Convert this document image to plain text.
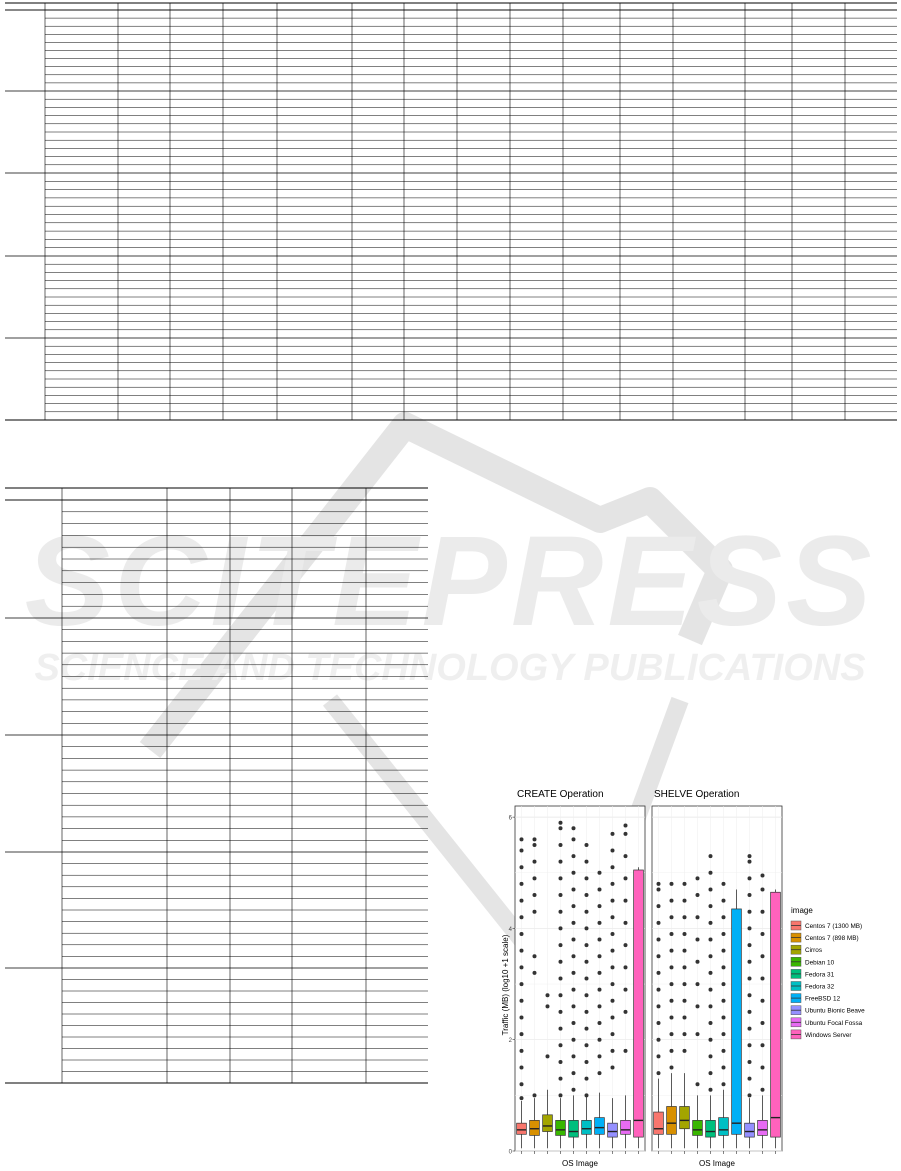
SCITEPRESS
SCIENCE AND TECHNOLOGY PUBLICATIONS
Traffic (MB) (log10 +1 scale)
image
CREATE Operation
OS Image
SHELVE Operation
OS Image
0
2
4
6
Centos 7 (1300 MB)
Centos 7 (898 MB)
Cirros
Debian 10
Fedora 31
Fedora 32
FreeBSD 12
Ubuntu Bionic Beave
Ubuntu Focal Fossa
Windows Server
